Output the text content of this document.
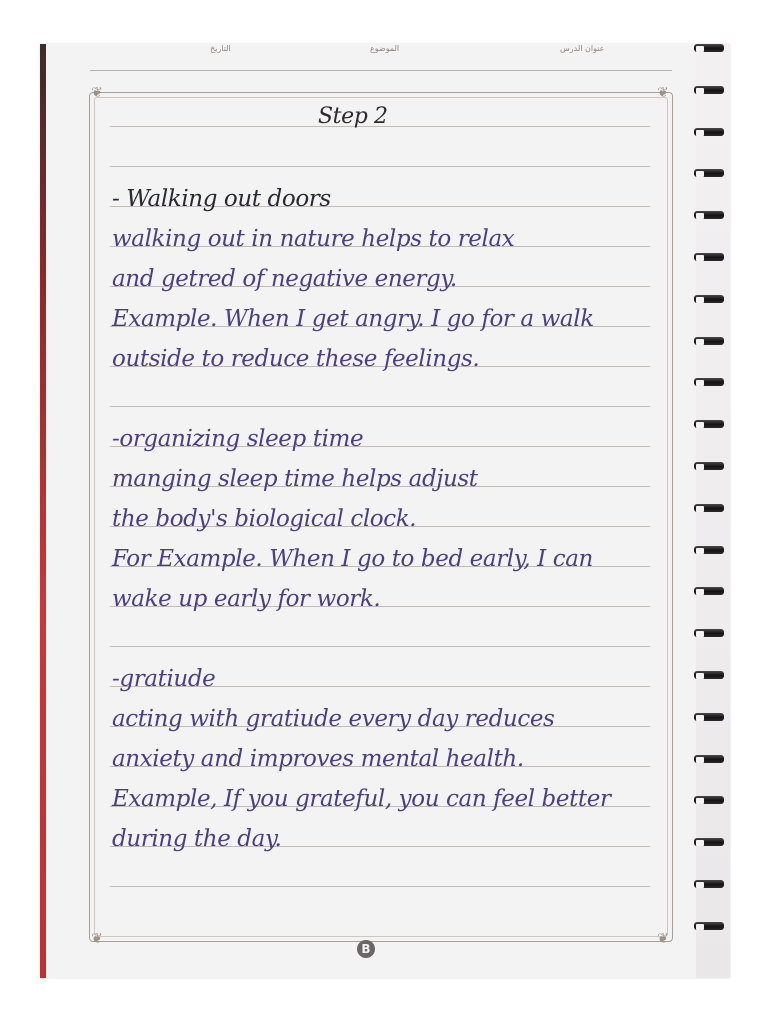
عنوان الدرس
الموضوع
التاريخ
❦	❦
❦	❦
Step 2
- Walking out doors
walking out in nature helps to relax
and getred of negative energy.
Example. When I get angry. I go for a walk
outside to reduce these feelings.
-organizing sleep time
manging sleep time helps adjust
the body's biological clock.
For Example. When I go to bed early, I can
wake up early for work.
-gratiude
acting with gratiude every day reduces
anxiety and improves mental health.
Example, If you grateful, you can feel better
during the day.
B
